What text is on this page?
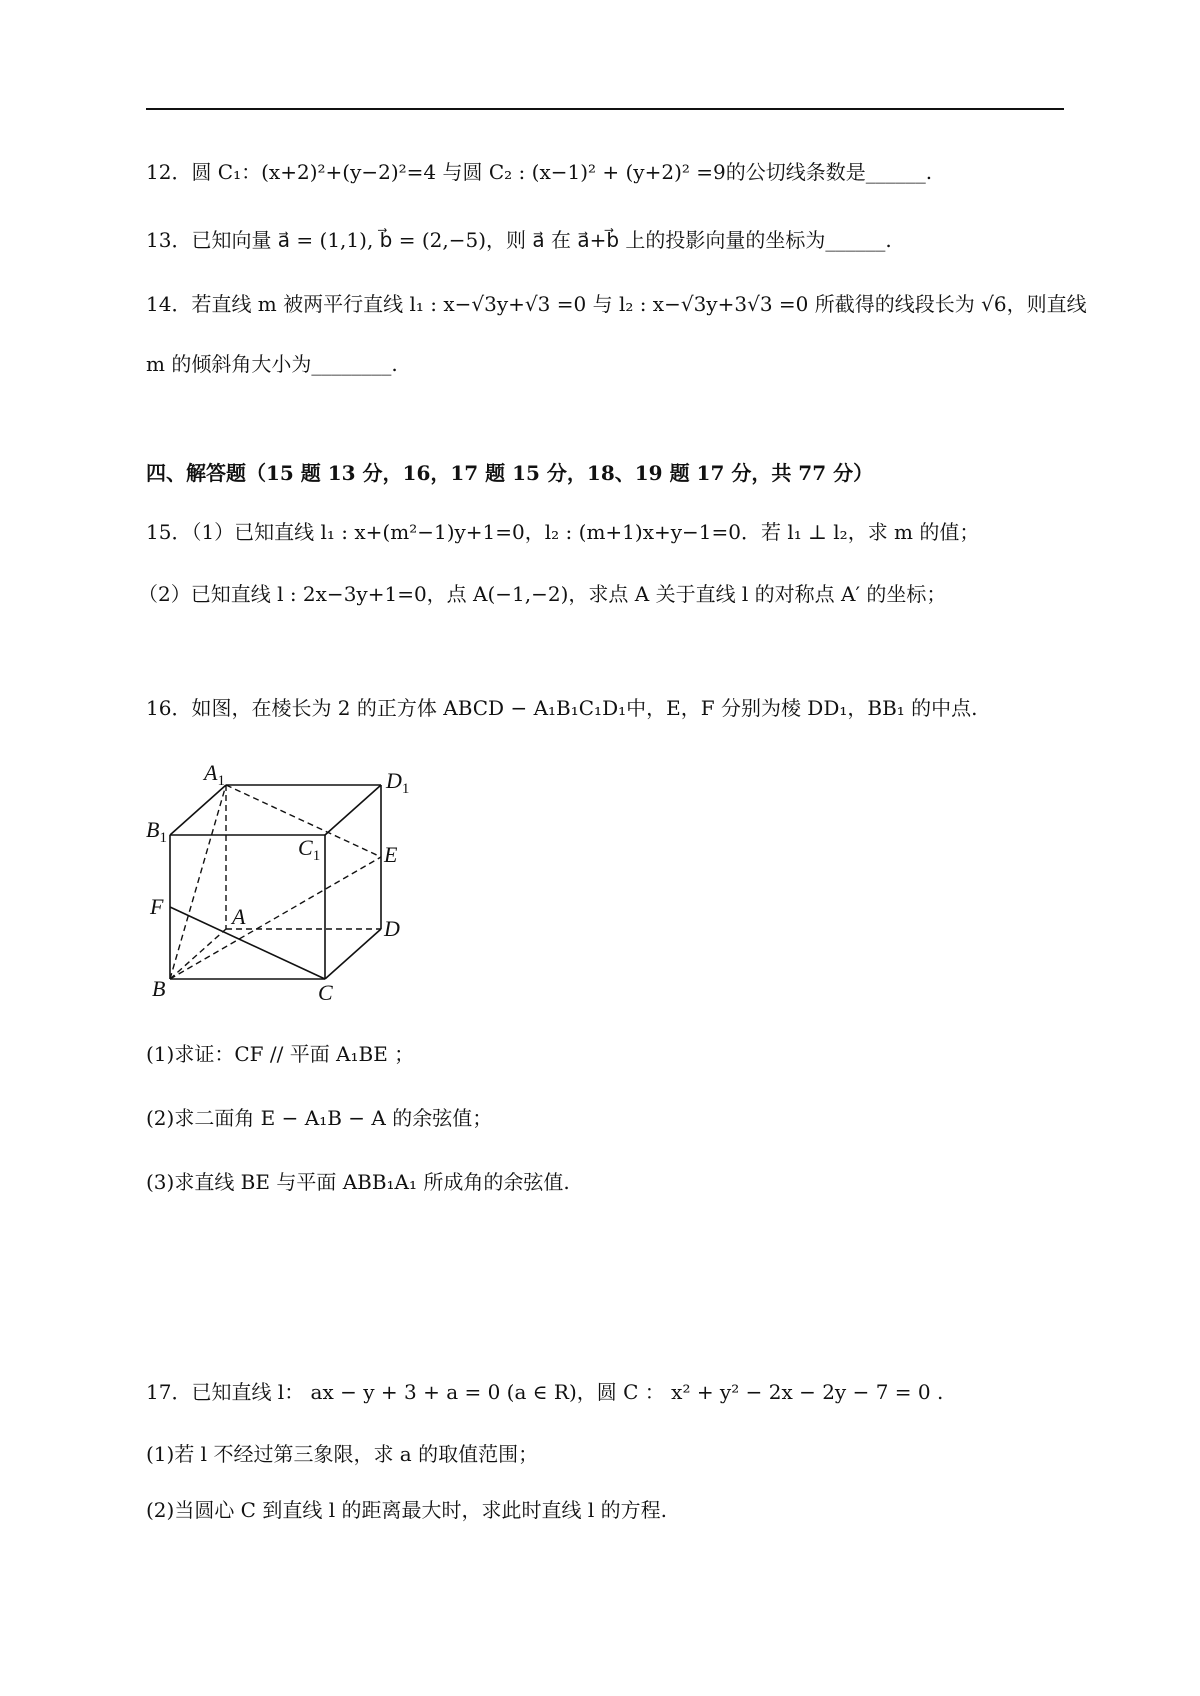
12．圆 C₁：(x+2)²+(y−2)²=4 与圆 C₂ : (x−1)² + (y+2)² =9的公切线条数是______.
13．已知向量 a⃗ = (1,1), b⃗ = (2,−5)，则 a⃗ 在 a⃗+b⃗ 上的投影向量的坐标为______.
14．若直线 m 被两平行直线 l₁ : x−√3y+√3 =0 与 l₂ : x−√3y+3√3 =0 所截得的线段长为 √6，则直线
m 的倾斜角大小为________.
四、解答题（15 题 13 分，16，17 题 15 分，18、19 题 17 分，共 77 分）
15．（1）已知直线 l₁ : x+(m²−1)y+1=0，l₂ : (m+1)x+y−1=0．若 l₁ ⊥ l₂，求 m 的值；
（2）已知直线 l : 2x−3y+1=0，点 A(−1,−2)，求点 A 关于直线 l 的对称点 A′ 的坐标；
16．如图，在棱长为 2 的正方体 ABCD − A₁B₁C₁D₁中，E，F 分别为棱 DD₁，BB₁ 的中点.
$A_1$	$D_1$
$B_1$	$C_1$	E
F	A	D
B	C
(1)求证：CF // 平面 A₁BE ；
(2)求二面角 E − A₁B − A 的余弦值；
(3)求直线 BE 与平面 ABB₁A₁ 所成角的余弦值.
17．已知直线 l： ax − y + 3 + a = 0 (a ∈ R)，圆 C ： x² + y² − 2x − 2y − 7 = 0 .
(1)若 l 不经过第三象限，求 a 的取值范围；
(2)当圆心 C 到直线 l 的距离最大时，求此时直线 l 的方程.
